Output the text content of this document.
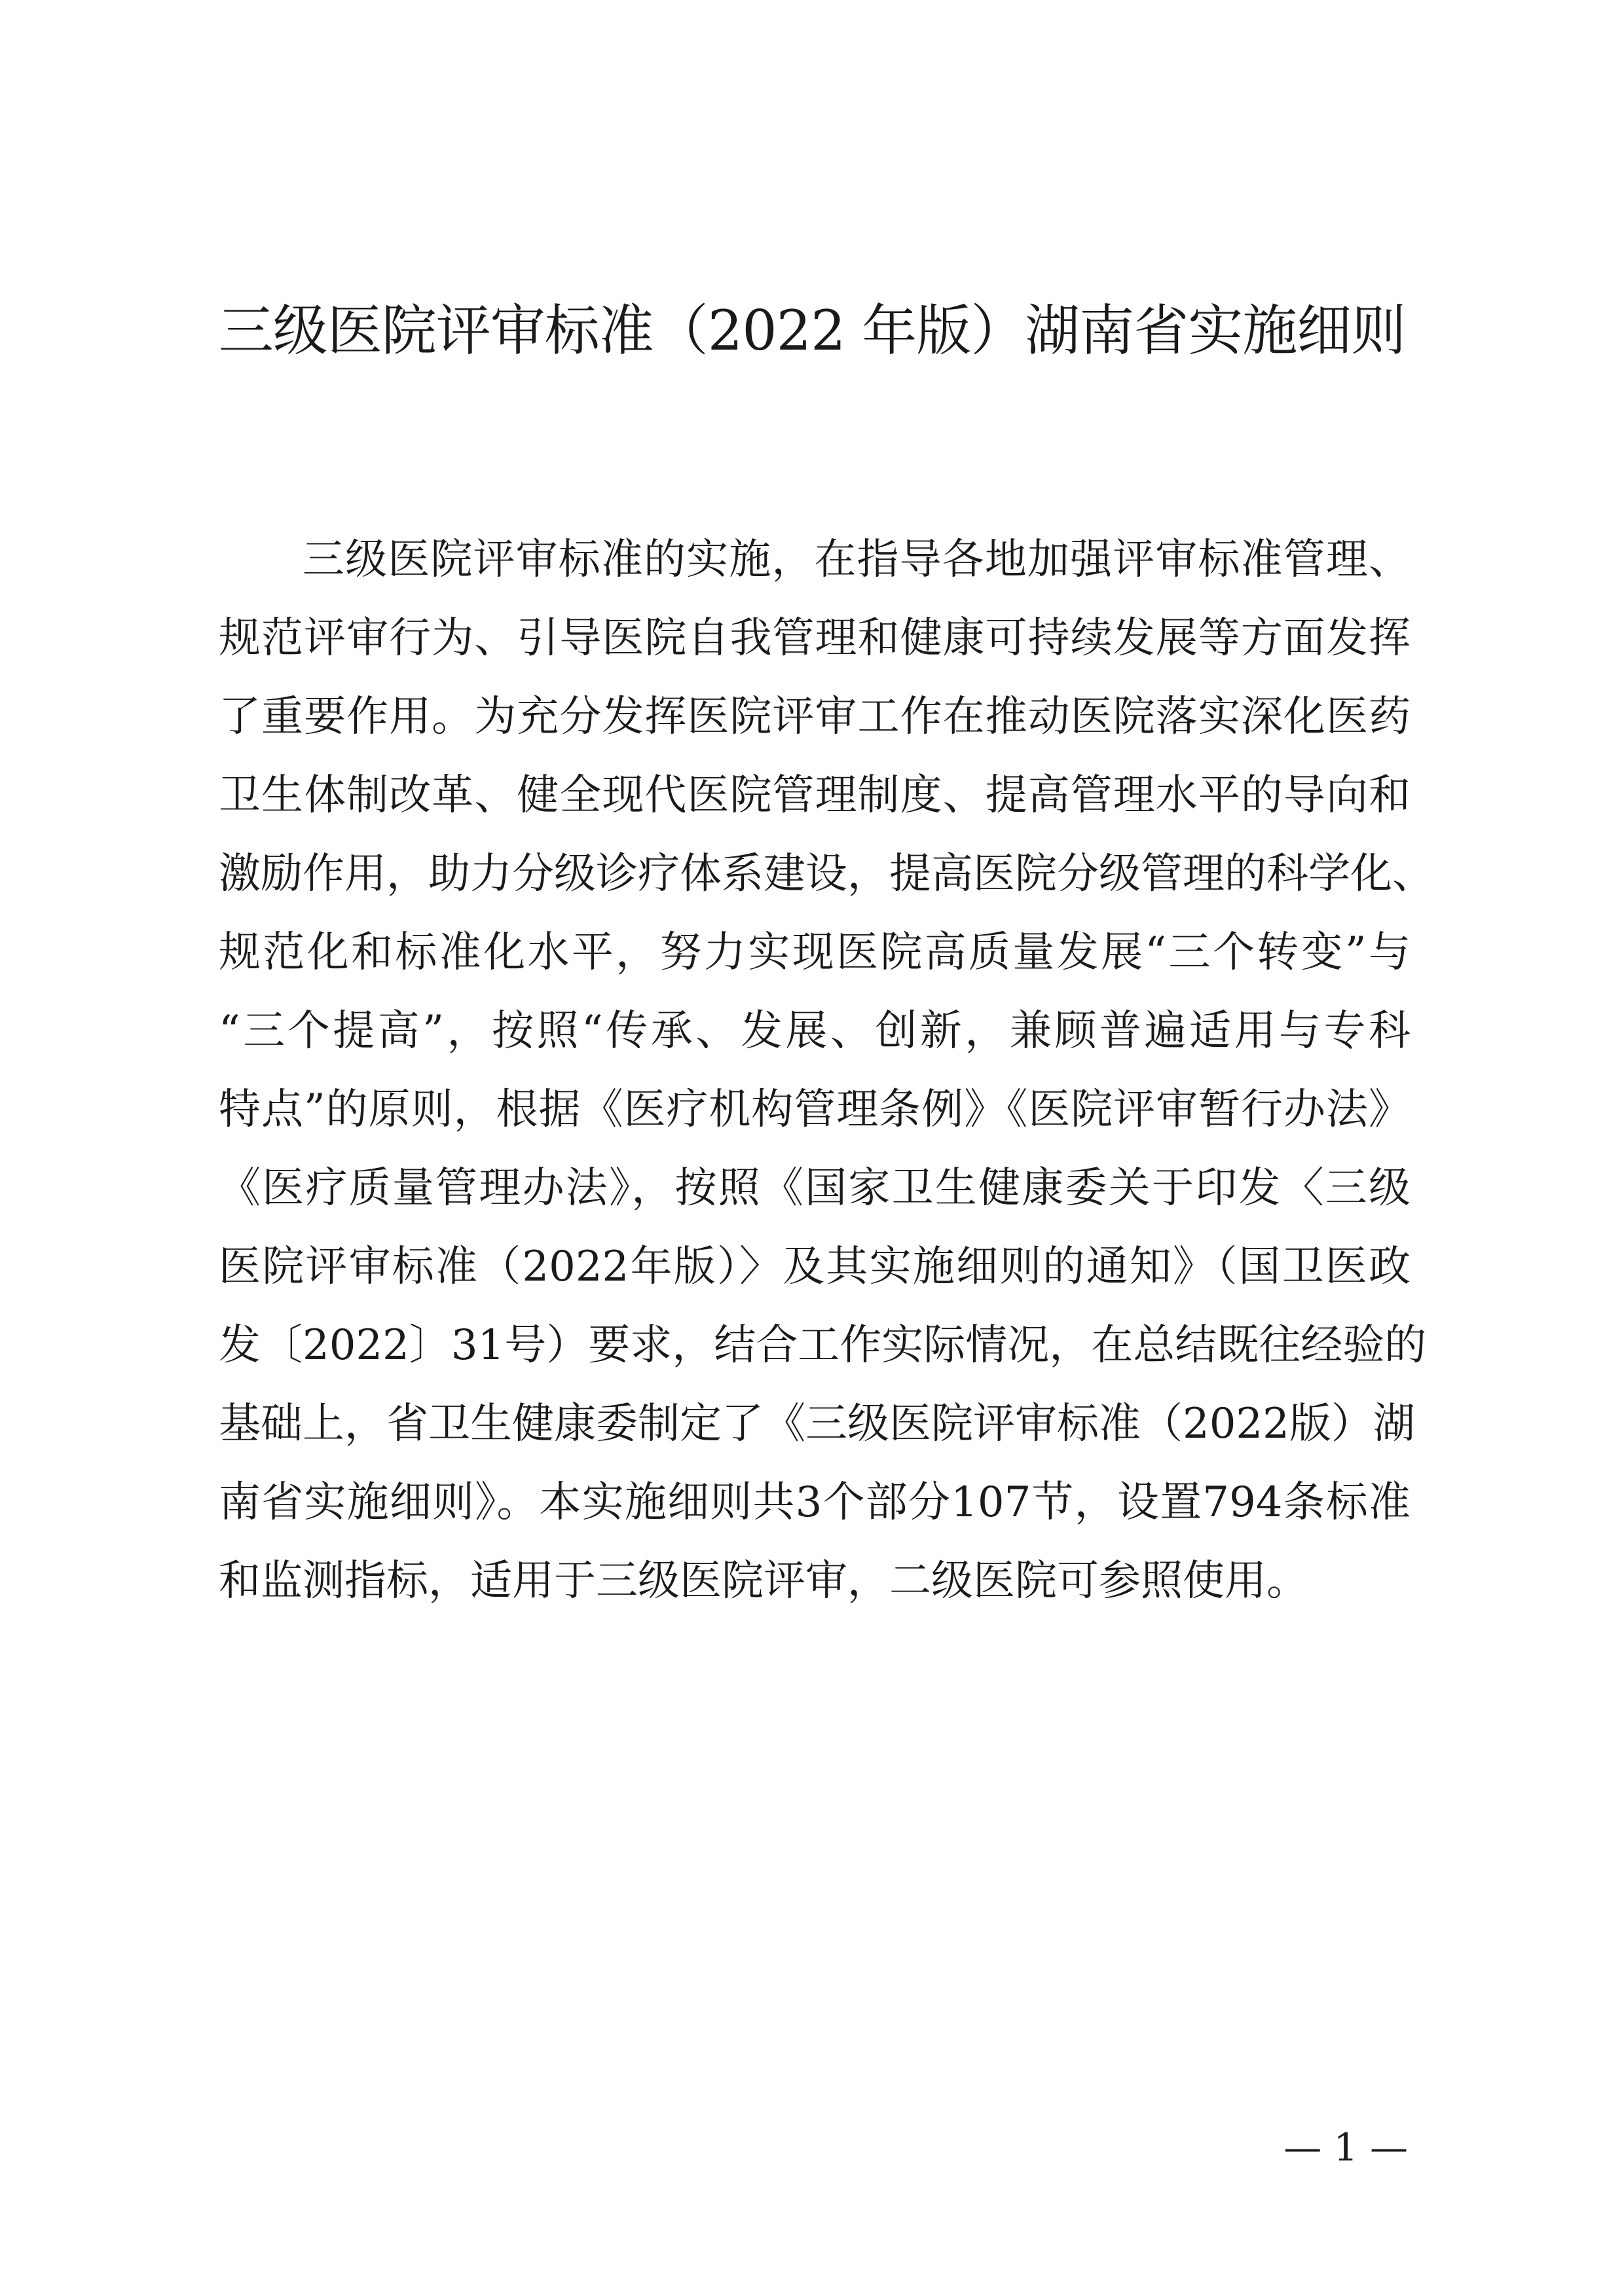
三级医院评审标准（2022 年版）湖南省实施细则
三级医院评审标准的实施，在指导各地加强评审标准管理、
规范评审行为、引导医院自我管理和健康可持续发展等方面发挥
了重要作用。为充分发挥医院评审工作在推动医院落实深化医药
卫生体制改革、健全现代医院管理制度、提高管理水平的导向和
激励作用，助力分级诊疗体系建设，提高医院分级管理的科学化、
规范化和标准化水平，努力实现医院高质量发展“三个转变”与
“三个提高”，按照“传承、发展、创新，兼顾普遍适用与专科
特点”的原则，根据《医疗机构管理条例》《医院评审暂行办法》
《医疗质量管理办法》，按照《国家卫生健康委关于印发〈三级
医院评审标准（2022年版）〉及其实施细则的通知》（国卫医政
发〔2022〕31号）要求，结合工作实际情况，在总结既往经验的
基础上，省卫生健康委制定了《三级医院评审标准（2022版）湖
南省实施细则》。本实施细则共3个部分107节，设置794条标准
和监测指标，适用于三级医院评审，二级医院可参照使用。
— 1 —
